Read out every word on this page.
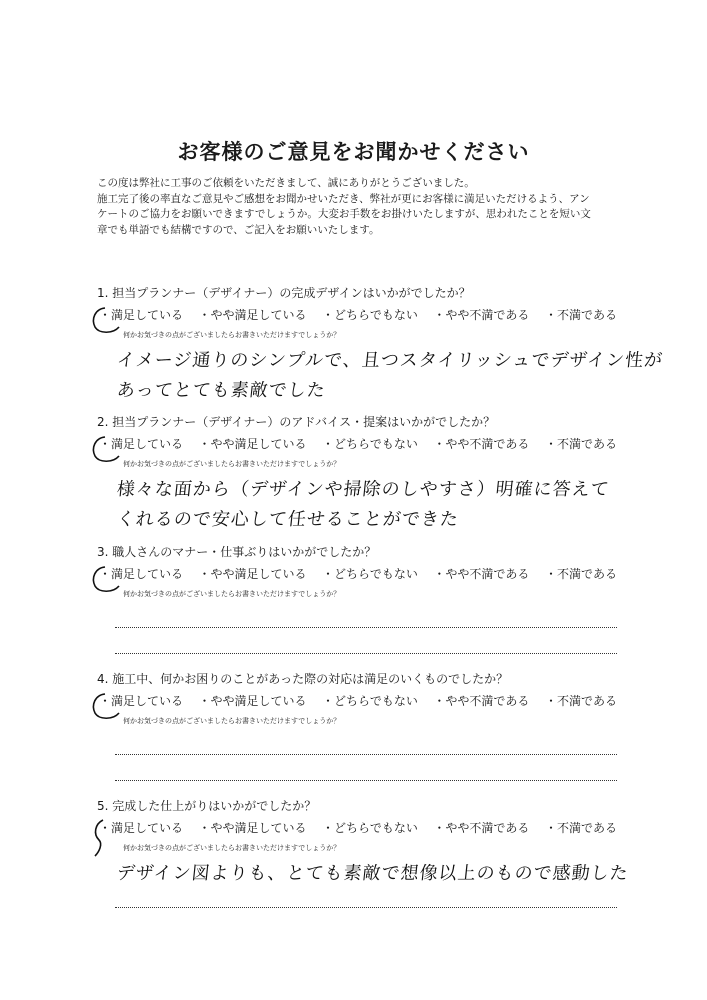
お客様のご意見をお聞かせください
この度は弊社に工事のご依頼をいただきまして、誠にありがとうございました。
施工完了後の率直なご意見やご感想をお聞かせいただき、弊社が更にお客様に満足いただけるよう、アン
ケートのご協力をお願いできますでしょうか。大変お手数をお掛けいたしますが、思われたことを短い文
章でも単語でも結構ですので、ご記入をお願いいたします。
1. 担当プランナー（デザイナー）の完成デザインはいかがでしたか？
・満足している ・やや満足している ・どちらでもない ・やや不満である ・不満である
何かお気づきの点がございましたらお書きいただけますでしょうか？
イメージ通りのシンプルで、且つスタイリッシュでデザイン性が
あってとても素敵でした
2. 担当プランナー（デザイナー）のアドバイス・提案はいかがでしたか？
・満足している ・やや満足している ・どちらでもない ・やや不満である ・不満である
何かお気づきの点がございましたらお書きいただけますでしょうか？
様々な面から（デザインや掃除のしやすさ）明確に答えて
くれるので安心して任せることができた
3. 職人さんのマナー・仕事ぶりはいかがでしたか？
・満足している ・やや満足している ・どちらでもない ・やや不満である ・不満である
何かお気づきの点がございましたらお書きいただけますでしょうか？
4. 施工中、何かお困りのことがあった際の対応は満足のいくものでしたか？
・満足している ・やや満足している ・どちらでもない ・やや不満である ・不満である
何かお気づきの点がございましたらお書きいただけますでしょうか？
5. 完成した仕上がりはいかがでしたか？
・満足している ・やや満足している ・どちらでもない ・やや不満である ・不満である
何かお気づきの点がございましたらお書きいただけますでしょうか？
デザイン図よりも、とても素敵で想像以上のもので感動した
